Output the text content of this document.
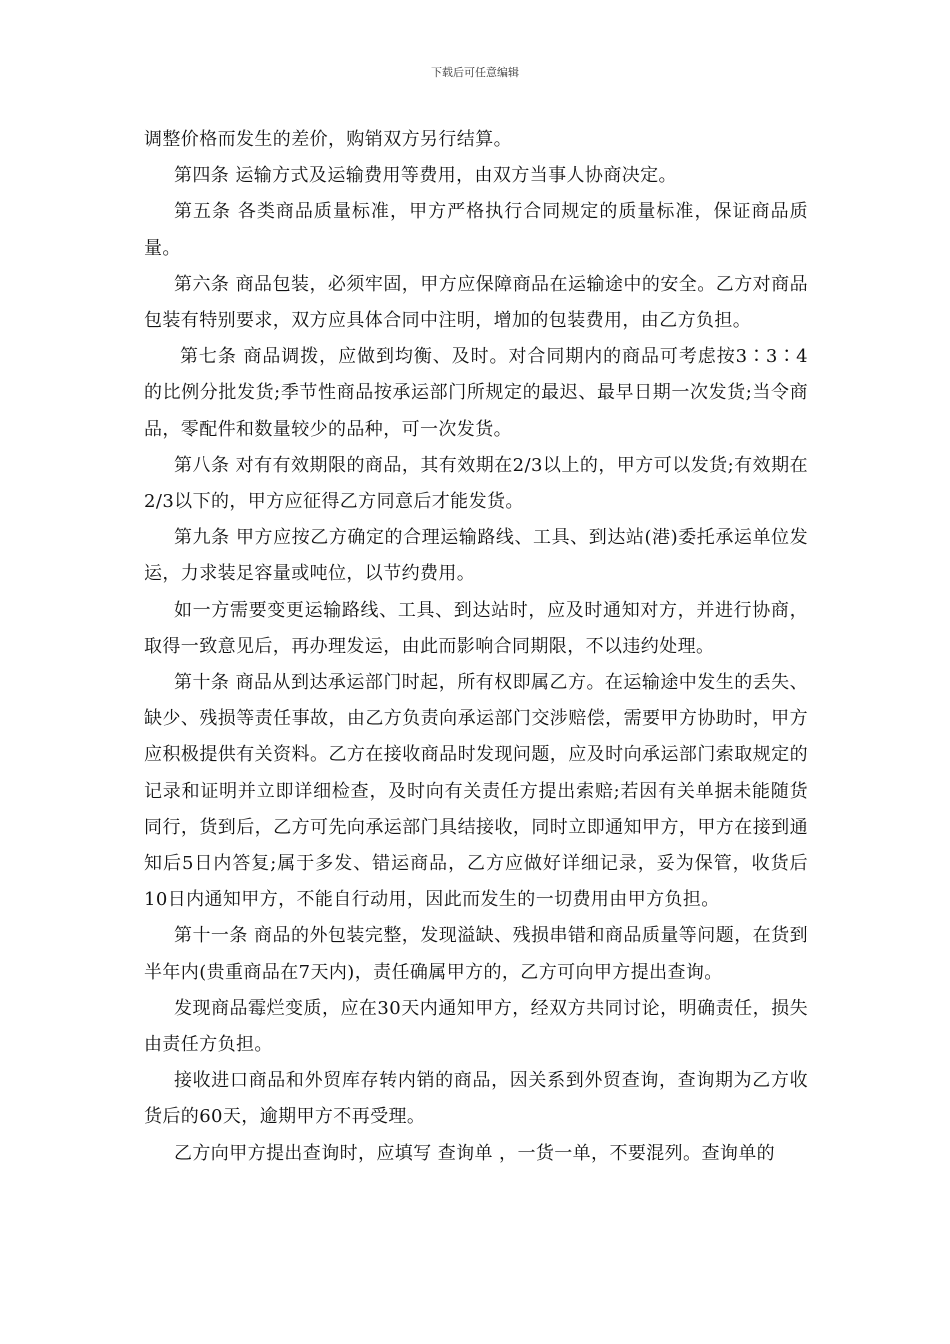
下载后可任意编辑

调整价格而发生的差价，购销双方另行结算。

第四条 运输方式及运输费用等费用，由双方当事人协商决定。

第五条 各类商品质量标准，甲方严格执行合同规定的质量标准，保证商品质量。

第六条 商品包装，必须牢固，甲方应保障商品在运输途中的安全。乙方对商品包装有特别要求，双方应具体合同中注明，增加的包装费用，由乙方负担。

第七条 商品调拨，应做到均衡、及时。对合同期内的商品可考虑按3∶3∶4的比例分批发货;季节性商品按承运部门所规定的最迟、最早日期一次发货;当令商品，零配件和数量较少的品种，可一次发货。

第八条 对有有效期限的商品，其有效期在2/3以上的，甲方可以发货;有效期在2/3以下的，甲方应征得乙方同意后才能发货。

第九条 甲方应按乙方确定的合理运输路线、工具、到达站(港)委托承运单位发运，力求装足容量或吨位，以节约费用。

如一方需要变更运输路线、工具、到达站时，应及时通知对方，并进行协商，取得一致意见后，再办理发运，由此而影响合同期限，不以违约处理。

第十条 商品从到达承运部门时起，所有权即属乙方。在运输途中发生的丢失、缺少、残损等责任事故，由乙方负责向承运部门交涉赔偿，需要甲方协助时，甲方应积极提供有关资料。乙方在接收商品时发现问题，应及时向承运部门索取规定的记录和证明并立即详细检查，及时向有关责任方提出索赔;若因有关单据未能随货同行，货到后，乙方可先向承运部门具结接收，同时立即通知甲方，甲方在接到通知后5日内答复;属于多发、错运商品，乙方应做好详细记录，妥为保管，收货后10日内通知甲方，不能自行动用，因此而发生的一切费用由甲方负担。

第十一条 商品的外包装完整，发现溢缺、残损串错和商品质量等问题，在货到半年内(贵重商品在7天内)，责任确属甲方的，乙方可向甲方提出查询。

发现商品霉烂变质，应在30天内通知甲方，经双方共同讨论，明确责任，损失由责任方负担。

接收进口商品和外贸库存转内销的商品，因关系到外贸查询，查询期为乙方收货后的60天，逾期甲方不再受理。

乙方向甲方提出查询时，应填写 查询单 ，一货一单，不要混列。查询单的
